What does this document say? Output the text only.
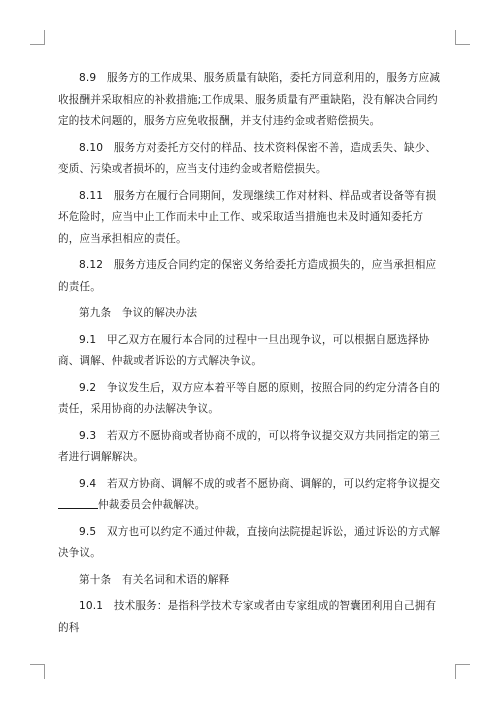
8.9　服务方的工作成果、服务质量有缺陷，委托方同意利用的，服务方应减收报酬并采取相应的补救措施;工作成果、服务质量有严重缺陷，没有解决合同约定的技术问题的，服务方应免收报酬，并支付违约金或者赔偿损失。

8.10　服务方对委托方交付的样品、技术资料保密不善，造成丢失、缺少、变质、污染或者损坏的，应当支付违约金或者赔偿损失。

8.11　服务方在履行合同期间，发现继续工作对材料、样品或者设备等有损坏危险时，应当中止工作而未中止工作、或采取适当措施也未及时通知委托方的，应当承担相应的责任。

8.12　服务方违反合同约定的保密义务给委托方造成损失的，应当承担相应的责任。

第九条　争议的解决办法

9.1　甲乙双方在履行本合同的过程中一旦出现争议，可以根据自愿选择协商、调解、仲裁或者诉讼的方式解决争议。

9.2　争议发生后，双方应本着平等自愿的原则，按照合同的约定分清各自的责任，采用协商的办法解决争议。

9.3　若双方不愿协商或者协商不成的，可以将争议提交双方共同指定的第三者进行调解解决。

9.4　若双方协商、调解不成的或者不愿协商、调解的，可以约定将争议提交仲裁委员会仲裁解决。

9.5　双方也可以约定不通过仲裁，直接向法院提起诉讼，通过诉讼的方式解决争议。

第十条　有关名词和术语的解释

10.1　技术服务：是指科学技术专家或者由专家组成的智囊团利用自己拥有的科
